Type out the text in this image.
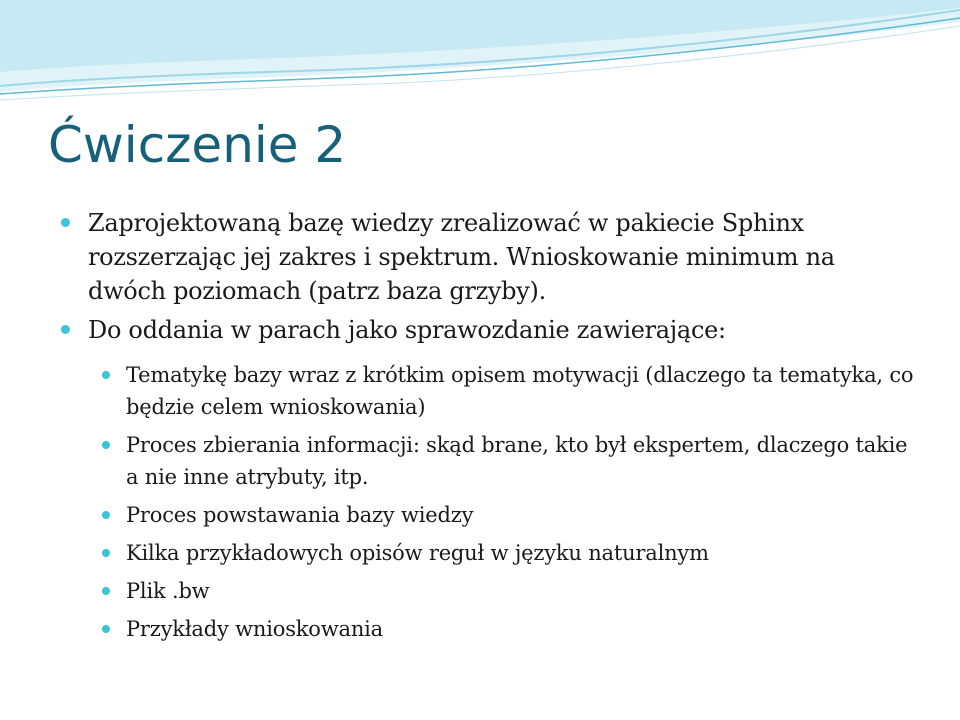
Ćwiczenie 2
Zaprojektowaną bazę wiedzy zrealizować w pakiecie Sphinx rozszerzając jej zakres i spektrum. Wnioskowanie minimum na dwóch poziomach (patrz baza grzyby).
Do oddania w parach jako sprawozdanie zawierające:
Tematykę bazy wraz z krótkim opisem motywacji (dlaczego ta tematyka, co będzie celem wnioskowania)
Proces zbierania informacji: skąd brane, kto był ekspertem, dlaczego takie a nie inne atrybuty, itp.
Proces powstawania bazy wiedzy
Kilka przykładowych opisów reguł w języku naturalnym
Plik .bw
Przykłady wnioskowania
